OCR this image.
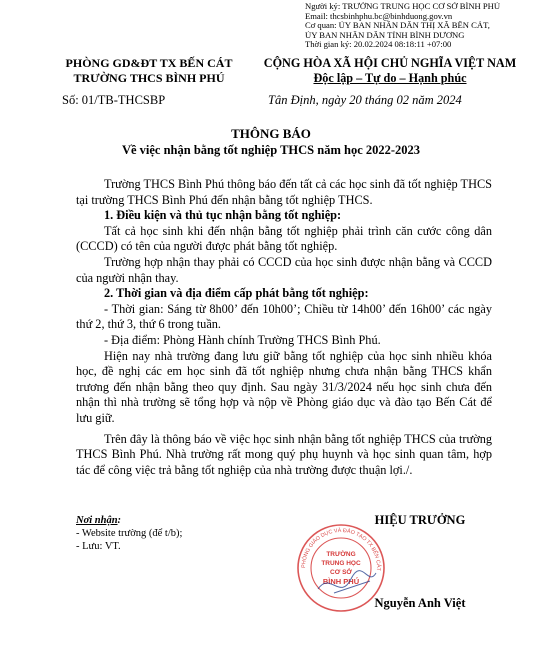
Người ký: TRƯỜNG TRUNG HỌC CƠ SỞ BÌNH PHÚ
Email: thcsbinhphu.bc@binhduong.gov.vn
Cơ quan: ỦY BAN NHÂN DÂN THỊ XÃ BẾN CÁT,
ỦY BAN NHÂN DÂN TỈNH BÌNH DƯƠNG
Thời gian ký: 20.02.2024 08:18:11 +07:00
PHÒNG GD&ĐT TX BẾN CÁT
TRƯỜNG THCS BÌNH PHÚ
CỘNG HÒA XÃ HỘI CHỦ NGHĨA VIỆT NAM
Độc lập – Tự do – Hạnh phúc
Số: 01/TB-THCSBP	Tân Định, ngày 20 tháng 02 năm 2024
THÔNG BÁO
Về việc nhận bằng tốt nghiệp THCS năm học 2022-2023

Trường THCS Bình Phú thông báo đến tất cả các học sinh đã tốt nghiệp THCS tại trường THCS Bình Phú đến nhận bằng tốt nghiệp THCS.

1. Điều kiện và thủ tục nhận bằng tốt nghiệp:

Tất cả học sinh khi đến nhận bằng tốt nghiệp phải trình căn cước công dân (CCCD) có tên của người được phát bằng tốt nghiệp.

Trường hợp nhận thay phải có CCCD của học sinh được nhận bằng và CCCD của người nhận thay.

2. Thời gian và địa điểm cấp phát bằng tốt nghiệp:

- Thời gian: Sáng từ 8h00’ đến 10h00’; Chiều từ 14h00’ đến 16h00’ các ngày thứ 2, thứ 3, thứ 6 trong tuần.

- Địa điểm: Phòng Hành chính Trường THCS Bình Phú.

Hiện nay nhà trường đang lưu giữ bằng tốt nghiệp của học sinh nhiều khóa học, đề nghị các em học sinh đã tốt nghiệp nhưng chưa nhận bằng THCS khẩn trương đến nhận bằng theo quy định. Sau ngày 31/3/2024 nếu học sinh chưa đến nhận thì nhà trường sẽ tổng hợp và nộp về Phòng giáo dục và đào tạo Bến Cát để lưu giữ.

Trên đây là thông báo về việc học sinh nhận bằng tốt nghiệp THCS của trường THCS Bình Phú. Nhà trường rất mong quý phụ huynh và học sinh quan tâm, hợp tác để công việc trả bằng tốt nghiệp của nhà trường được thuận lợi./.

Nơi nhận:
- Website trường (để t/b);
- Lưu: VT.
HIỆU TRƯỞNG
PHÒNG GIÁO DỤC VÀ ĐÀO TẠO TX BẾN CÁT
TRƯỜNG
TRUNG HỌC
CƠ SỞ
BÌNH PHÚ
Nguyễn Anh Việt
